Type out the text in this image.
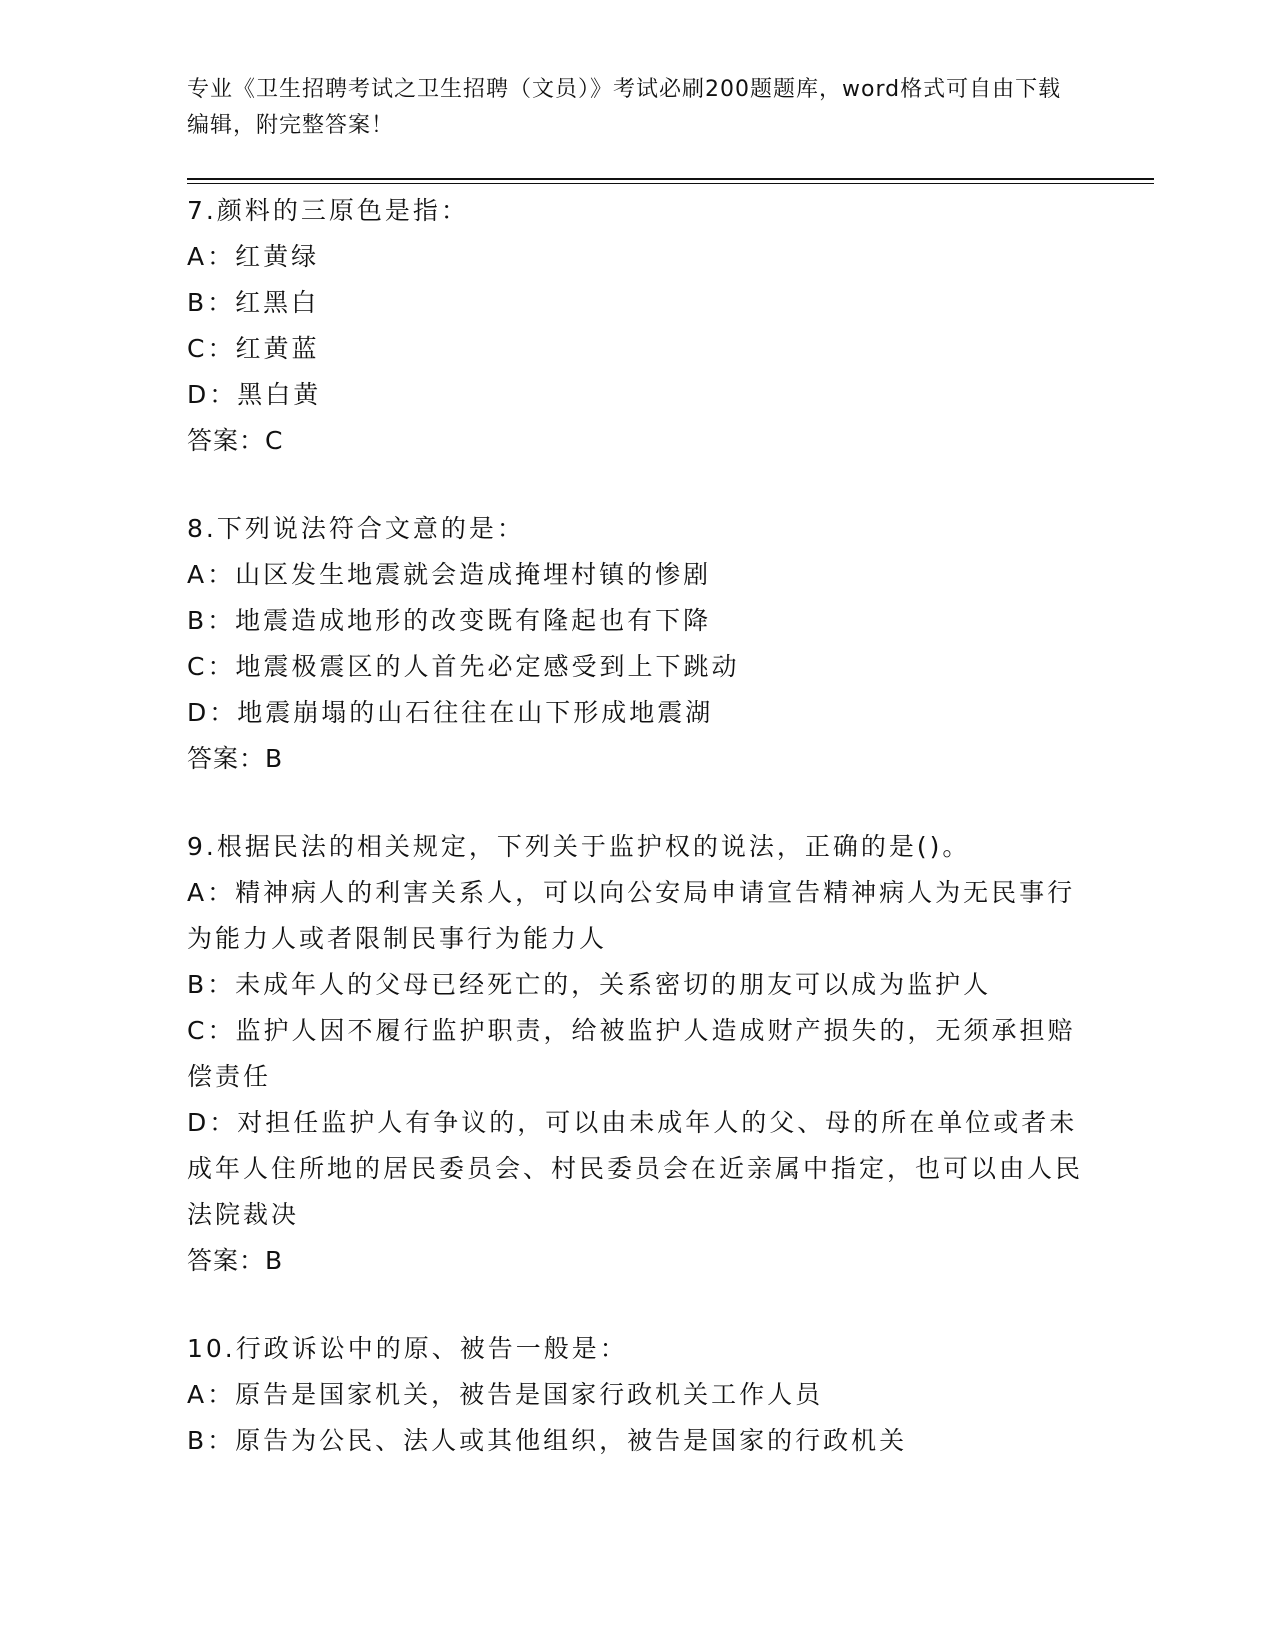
专业《卫生招聘考试之卫生招聘（文员）》考试必刷200题题库，word格式可自由下载编辑，附完整答案！
7.颜料的三原色是指：
A：红黄绿
B：红黑白
C：红黄蓝
D：黑白黄
答案：C
8.下列说法符合文意的是：
A：山区发生地震就会造成掩埋村镇的惨剧
B：地震造成地形的改变既有隆起也有下降
C：地震极震区的人首先必定感受到上下跳动
D：地震崩塌的山石往往在山下形成地震湖
答案：B
9.根据民法的相关规定，下列关于监护权的说法，正确的是()。
A：精神病人的利害关系人，可以向公安局申请宣告精神病人为无民事行为能力人或者限制民事行为能力人
B：未成年人的父母已经死亡的，关系密切的朋友可以成为监护人
C：监护人因不履行监护职责，给被监护人造成财产损失的，无须承担赔偿责任
D：对担任监护人有争议的，可以由未成年人的父、母的所在单位或者未成年人住所地的居民委员会、村民委员会在近亲属中指定，也可以由人民法院裁决
答案：B
10.行政诉讼中的原、被告一般是：
A：原告是国家机关，被告是国家行政机关工作人员
B：原告为公民、法人或其他组织，被告是国家的行政机关
